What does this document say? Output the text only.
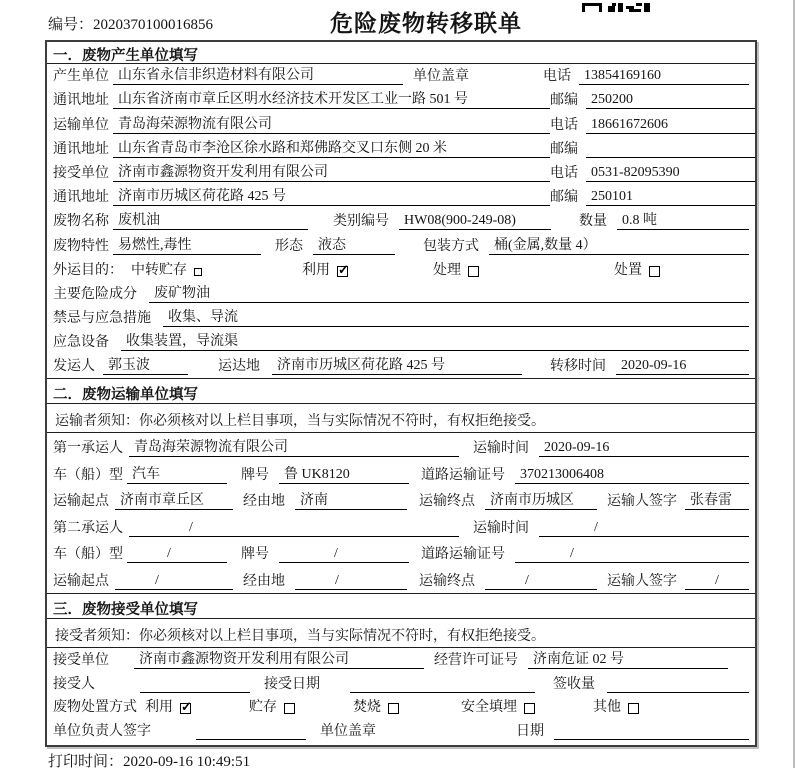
编号：2020370100016856	危险废物转移联单
一．废物产生单位填写
产生单位 山东省永信非织造材料有限公司	单位盖章	电话 13854169160
通讯地址 山东省济南市章丘区明水经济技术开发区工业一路 501 号	邮编 250200
运输单位 青岛海荣源物流有限公司	电话 18661672606
通讯地址 山东省青岛市李沧区徐水路和郑佛路交叉口东侧 20 米	邮编
接受单位 济南市鑫源物资开发利用有限公司	电话 0531-82095390
通讯地址 济南市历城区荷花路 425 号	邮编 250101
废物名称 废机油	类别编号	HW08(900-249-08)	数量	0.8 吨
废物特性 易燃性,毒性	形态	液态	包装方式	桶(金属,数量 4）
外运目的： 中转贮存	利用 ✓	处理	处置
主要危险成分	废矿物油
禁忌与应急措施	收集、导流
应急设备	收集装置，导流渠
发运人 郭玉波	运达地	济南市历城区荷花路 425 号	转移时间	2020-09-16
二．废物运输单位填写
运输者须知：你必须核对以上栏目事项，当与实际情况不符时，有权拒绝接受。
第一承运人 青岛海荣源物流有限公司	运输时间	2020-09-16
车（船）型 汽车	牌号	鲁 UK8120	道路运输证号	370213006408
运输起点 济南市章丘区	经由地	济南	运输终点	济南市历城区	运输人签字 张春雷
第二承运人	/	运输时间	/
车（船）型	/	牌号	/	道路运输证号	/
运输起点	/	经由地	/	运输终点	/	运输人签字	/
三．废物接受单位填写
接受者须知：你必须核对以上栏目事项，当与实际情况不符时，有权拒绝接受。
接受单位	济南市鑫源物资开发利用有限公司	经营许可证号	济南危证 02 号
接受人	接受日期	签收量
废物处置方式 利用 ✓	贮存	焚烧	安全填埋	其他
单位负责人签字	单位盖章	日期
打印时间：2020-09-16 10:49:51
